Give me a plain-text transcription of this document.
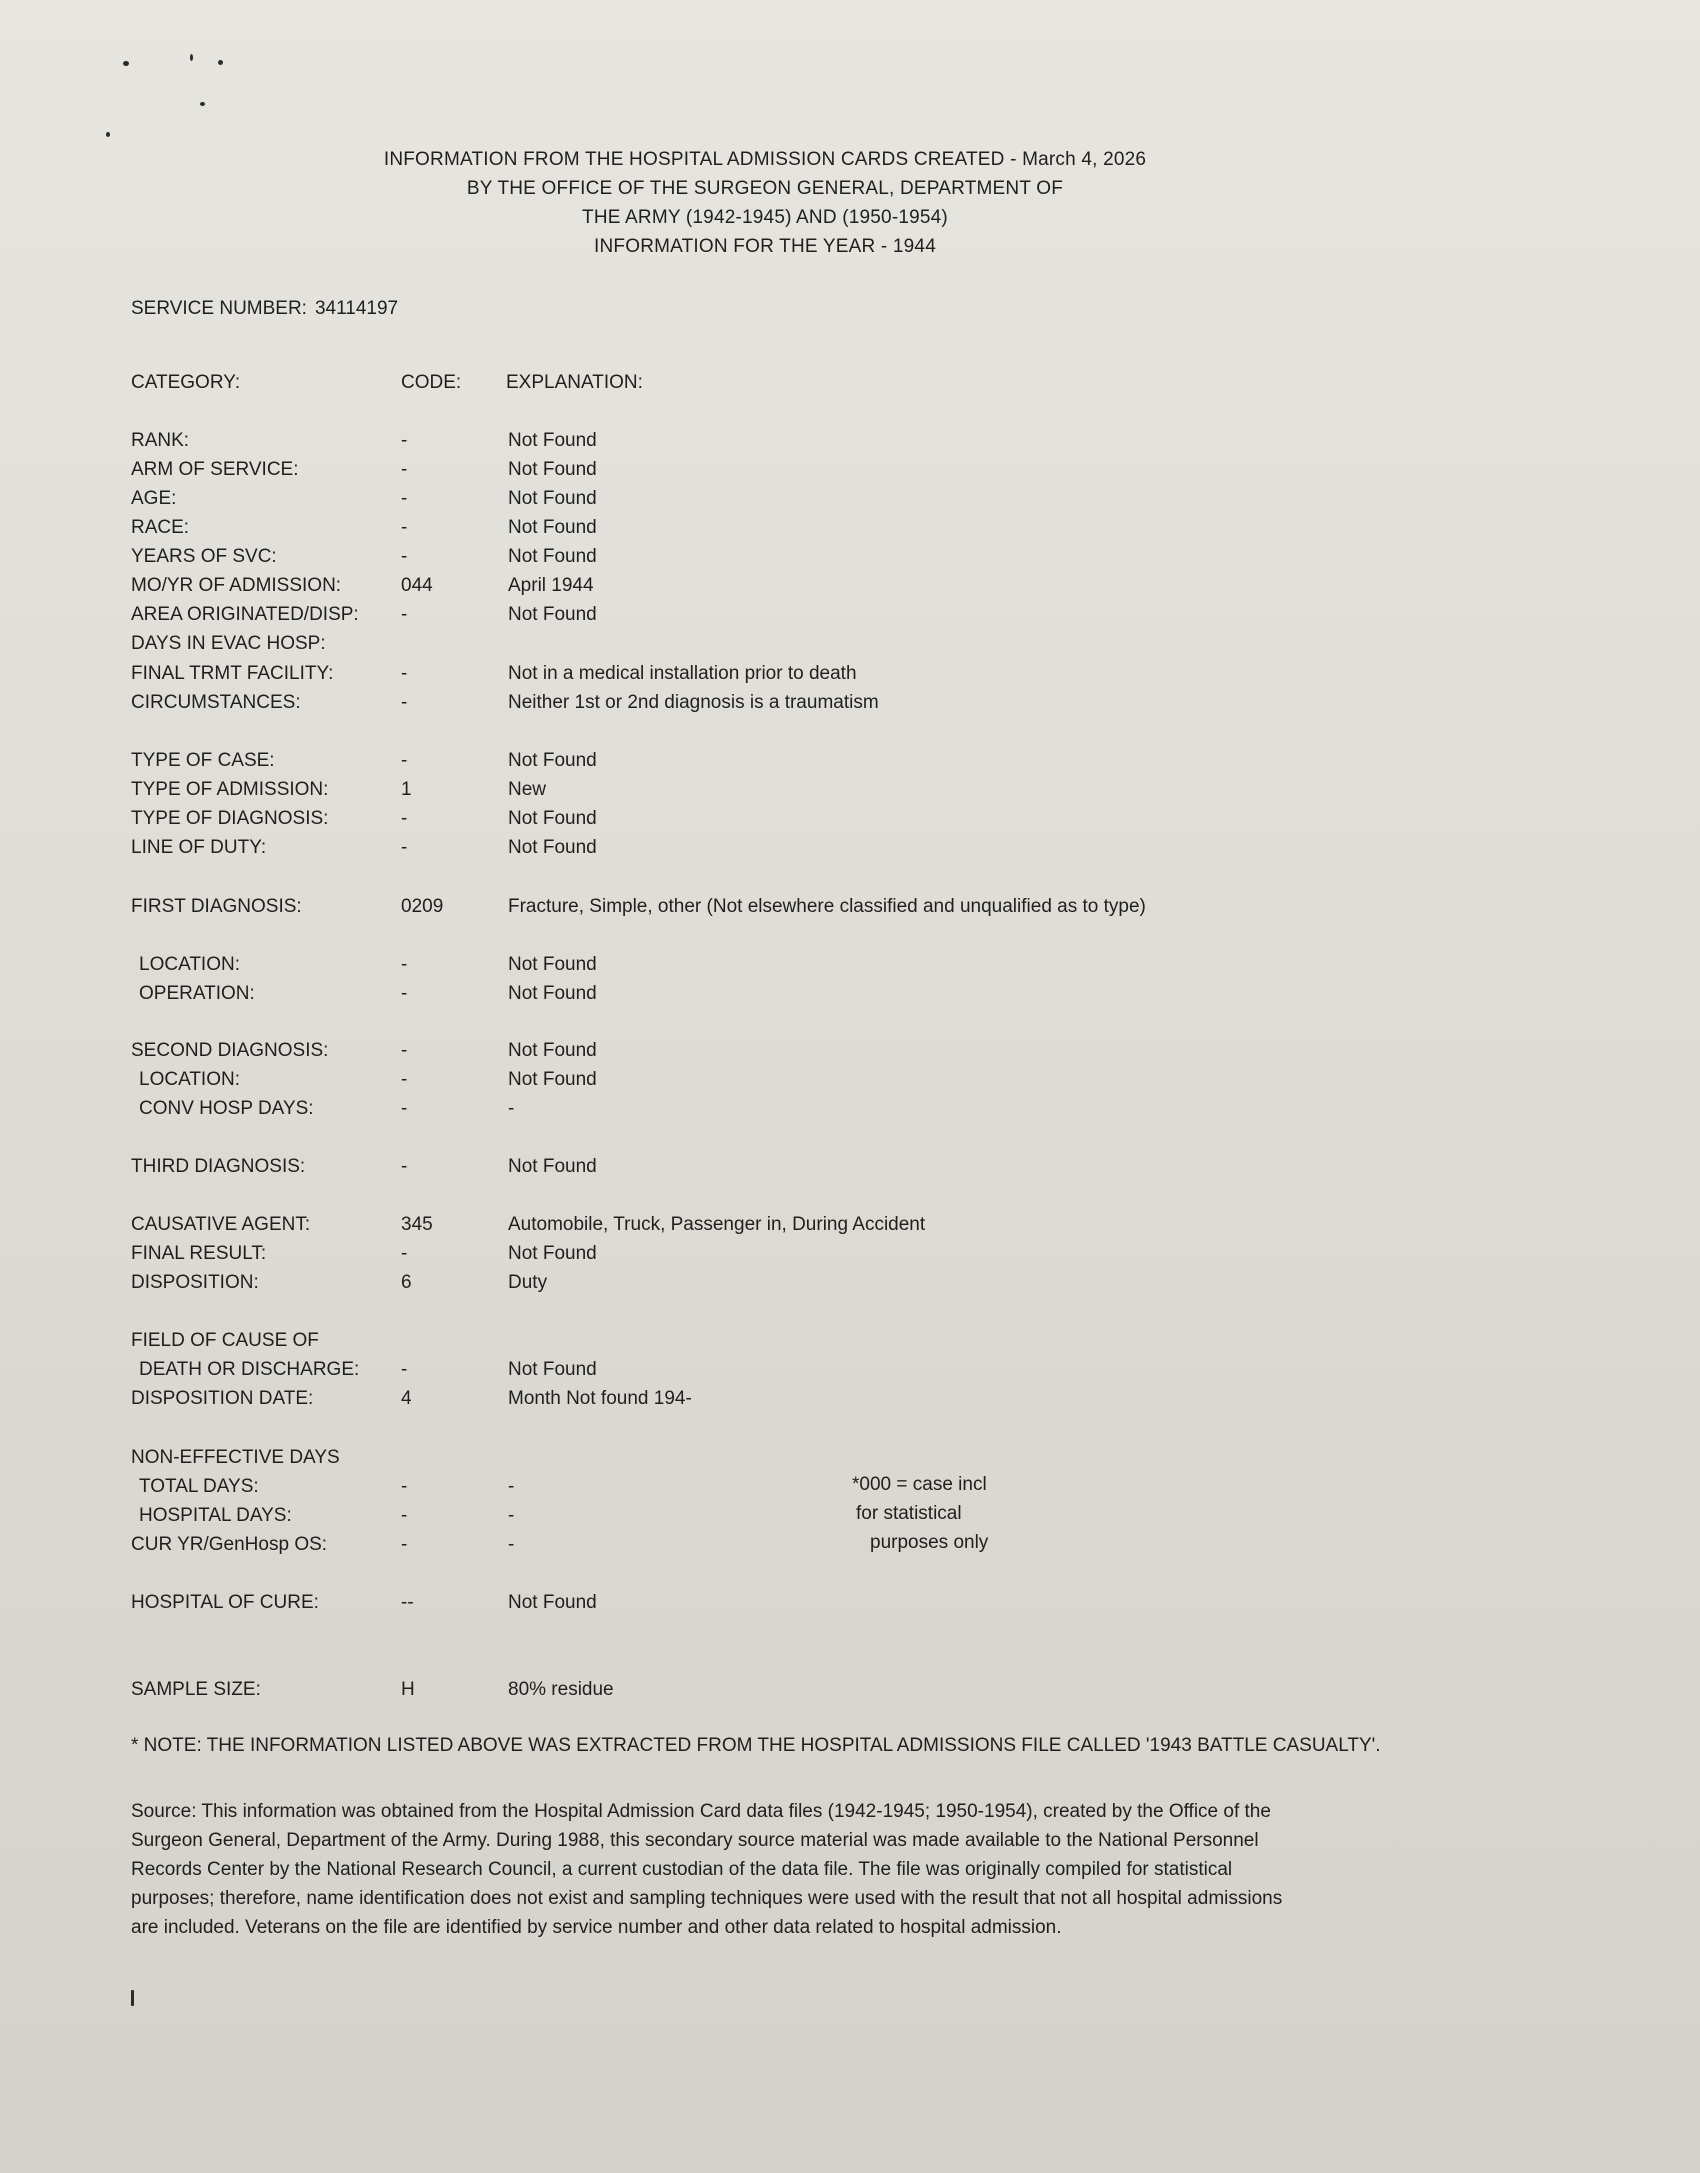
INFORMATION FROM THE HOSPITAL ADMISSION CARDS CREATED - March 4, 2026
BY THE OFFICE OF THE SURGEON GENERAL, DEPARTMENT OF
THE ARMY (1942-1945) AND (1950-1954)
INFORMATION FOR THE YEAR - 1944
SERVICE NUMBER: 34114197
CATEGORY:	CODE: EXPLANATION:
RANK:	-	Not Found
ARM OF SERVICE:	-	Not Found
AGE:	-	Not Found
RACE:	-	Not Found
YEARS OF SVC:	-	Not Found
MO/YR OF ADMISSION:	044	April 1944
AREA ORIGINATED/DISP: -	Not Found
DAYS IN EVAC HOSP:
FINAL TRMT FACILITY:	-	Not in a medical installation prior to death
CIRCUMSTANCES:	-	Neither 1st or 2nd diagnosis is a traumatism
TYPE OF CASE:	-	Not Found
TYPE OF ADMISSION:	1	New
TYPE OF DIAGNOSIS:	-	Not Found
LINE OF DUTY:	-	Not Found
FIRST DIAGNOSIS:	0209	Fracture, Simple, other (Not elsewhere classified and unqualified as to type)
LOCATION:	-	Not Found
OPERATION:	-	Not Found
SECOND DIAGNOSIS:	-	Not Found
LOCATION:	-	Not Found
CONV HOSP DAYS:	-	-
THIRD DIAGNOSIS:	-	Not Found
CAUSATIVE AGENT:	345	Automobile, Truck, Passenger in, During Accident
FINAL RESULT:	-	Not Found
DISPOSITION:	6	Duty
FIELD OF CAUSE OF
DEATH OR DISCHARGE: -	Not Found
DISPOSITION DATE:	4	Month Not found 194-
NON-EFFECTIVE DAYS
TOTAL DAYS:	-	-
HOSPITAL DAYS:	-	-
CUR YR/GenHosp OS:	-	-
HOSPITAL OF CURE:	--	Not Found
SAMPLE SIZE:	H	80% residue
*000 = case incl
for statistical
purposes only
* NOTE: THE INFORMATION LISTED ABOVE WAS EXTRACTED FROM THE HOSPITAL ADMISSIONS FILE CALLED '1943 BATTLE CASUALTY'.
Source: This information was obtained from the Hospital Admission Card data files (1942-1945; 1950-1954), created by the Office of the
Surgeon General, Department of the Army. During 1988, this secondary source material was made available to the National Personnel
Records Center by the National Research Council, a current custodian of the data file. The file was originally compiled for statistical
purposes; therefore, name identification does not exist and sampling techniques were used with the result that not all hospital admissions
are included. Veterans on the file are identified by service number and other data related to hospital admission.
